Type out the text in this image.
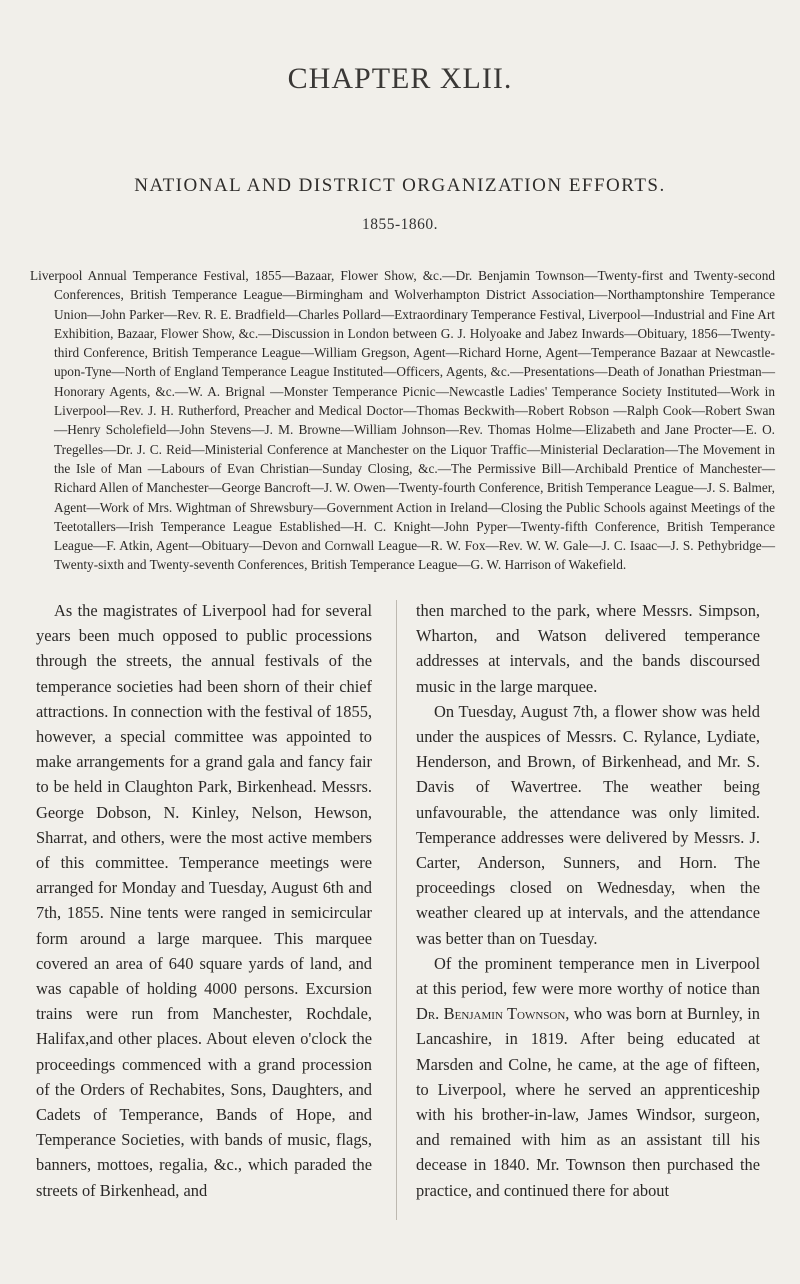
CHAPTER XLII.
NATIONAL AND DISTRICT ORGANIZATION EFFORTS.
1855-1860.

Liverpool Annual Temperance Festival, 1855—Bazaar, Flower Show, &c.—Dr. Benjamin Townson—Twenty-first and Twenty-second Conferences, British Temperance League—Birmingham and Wolverhampton District Association—Northamptonshire Temperance Union—John Parker—Rev. R. E. Bradfield—Charles Pollard—Extraordinary Temperance Festival, Liverpool—Industrial and Fine Art Exhibition, Bazaar, Flower Show, &c.—Discussion in London between G. J. Holyoake and Jabez Inwards—Obituary, 1856—Twenty-third Conference, British Temperance League—William Gregson, Agent—Richard Horne, Agent—Temperance Bazaar at Newcastle-upon-Tyne—North of England Temperance League Instituted—Officers, Agents, &c.—Presentations—Death of Jonathan Priestman—Honorary Agents, &c.—W. A. Brignal —Monster Temperance Picnic—Newcastle Ladies' Temperance Society Instituted—Work in Liverpool—Rev. J. H. Rutherford, Preacher and Medical Doctor—Thomas Beckwith—Robert Robson —Ralph Cook—Robert Swan—Henry Scholefield—John Stevens—J. M. Browne—William Johnson—Rev. Thomas Holme—Elizabeth and Jane Procter—E. O. Tregelles—Dr. J. C. Reid—Ministerial Conference at Manchester on the Liquor Traffic—Ministerial Declaration—The Movement in the Isle of Man —Labours of Evan Christian—Sunday Closing, &c.—The Permissive Bill—Archibald Prentice of Manchester—Richard Allen of Manchester—George Bancroft—J. W. Owen—Twenty-fourth Conference, British Temperance League—J. S. Balmer, Agent—Work of Mrs. Wightman of Shrewsbury—Government Action in Ireland—Closing the Public Schools against Meetings of the Teetotallers—Irish Temperance League Established—H. C. Knight—John Pyper—Twenty-fifth Conference, British Temperance League—F. Atkin, Agent—Obituary—Devon and Cornwall League—R. W. Fox—Rev. W. W. Gale—J. C. Isaac—J. S. Pethybridge—Twenty-sixth and Twenty-seventh Conferences, British Temperance League—G. W. Harrison of Wakefield.

As the magistrates of Liverpool had for several years been much opposed to public processions through the streets, the annual festivals of the temperance societies had been shorn of their chief attractions. In connection with the festival of 1855, however, a special committee was appointed to make arrangements for a grand gala and fancy fair to be held in Claughton Park, Birkenhead. Messrs. George Dobson, N. Kinley, Nelson, Hewson, Sharrat, and others, were the most active members of this committee. Temperance meetings were arranged for Monday and Tuesday, August 6th and 7th, 1855. Nine tents were ranged in semicircular form around a large marquee. This marquee covered an area of 640 square yards of land, and was capable of holding 4000 persons. Excursion trains were run from Manchester, Rochdale, Halifax,and other places. About eleven o'clock the proceedings commenced with a grand procession of the Orders of Rechabites, Sons, Daughters, and Cadets of Temperance, Bands of Hope, and Temperance Societies, with bands of music, flags, banners, mottoes, regalia, &c., which paraded the streets of Birkenhead, and

then marched to the park, where Messrs. Simpson, Wharton, and Watson delivered temperance addresses at intervals, and the bands discoursed music in the large marquee.

On Tuesday, August 7th, a flower show was held under the auspices of Messrs. C. Rylance, Lydiate, Henderson, and Brown, of Birkenhead, and Mr. S. Davis of Wavertree. The weather being unfavourable, the attendance was only limited. Temperance addresses were delivered by Messrs. J. Carter, Anderson, Sunners, and Horn. The proceedings closed on Wednesday, when the weather cleared up at intervals, and the attendance was better than on Tuesday.

Of the prominent temperance men in Liverpool at this period, few were more worthy of notice than Dr. Benjamin Townson, who was born at Burnley, in Lancashire, in 1819. After being educated at Marsden and Colne, he came, at the age of fifteen, to Liverpool, where he served an apprenticeship with his brother-in-law, James Windsor, surgeon, and remained with him as an assistant till his decease in 1840. Mr. Townson then purchased the practice, and continued there for about
